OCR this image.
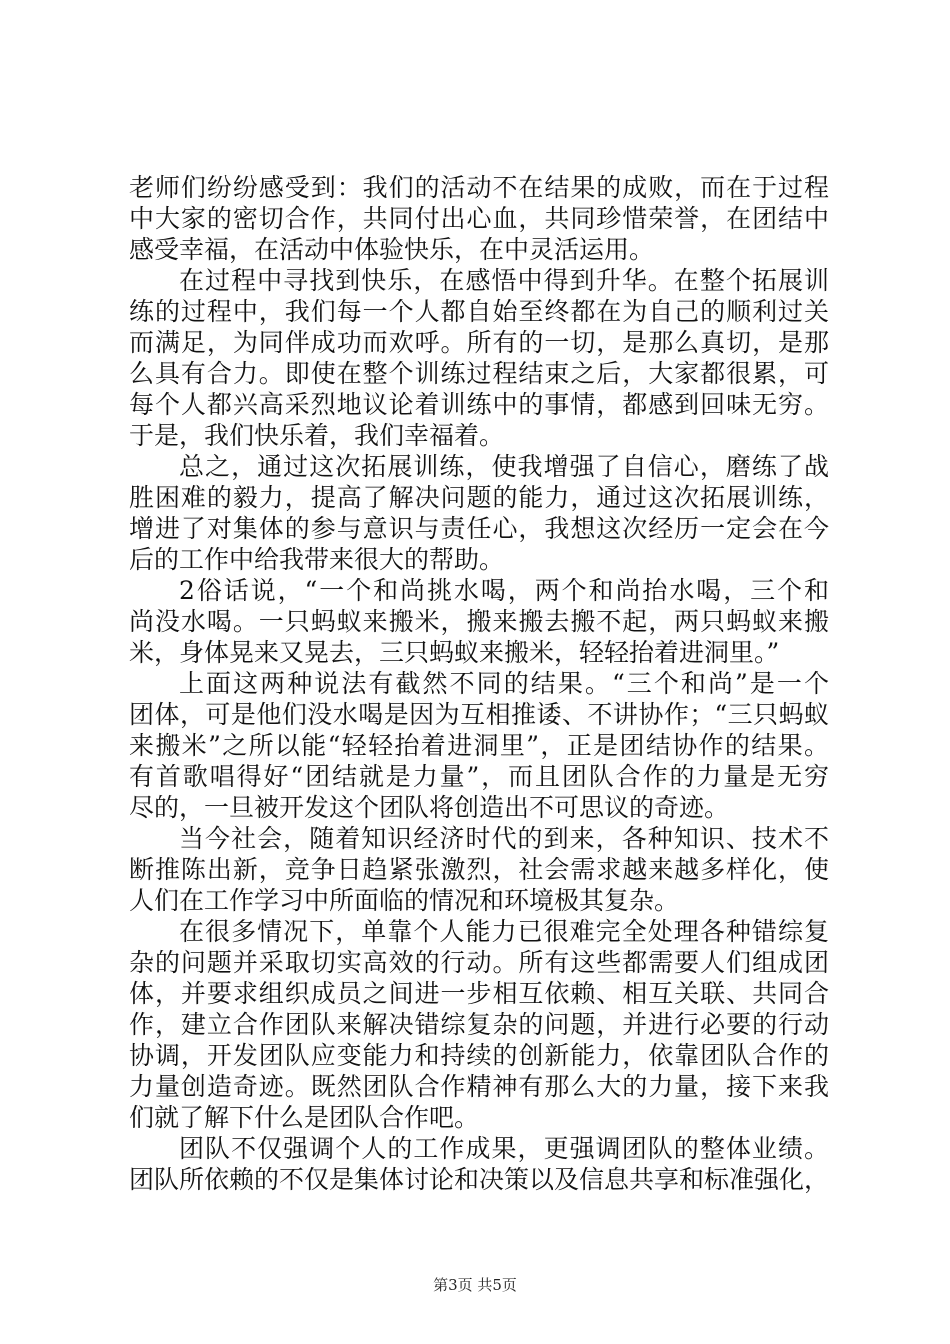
老师们纷纷感受到：我们的活动不在结果的成败，而在于过程
中大家的密切合作，共同付出心血，共同珍惜荣誉，在团结中
感受幸福，在活动中体验快乐，在中灵活运用。
在过程中寻找到快乐，在感悟中得到升华。在整个拓展训
练的过程中，我们每一个人都自始至终都在为自己的顺利过关
而满足，为同伴成功而欢呼。所有的一切，是那么真切，是那
么具有合力。即使在整个训练过程结束之后，大家都很累，可
每个人都兴高采烈地议论着训练中的事情，都感到回味无穷。
于是，我们快乐着，我们幸福着。
总之，通过这次拓展训练，使我增强了自信心，磨练了战
胜困难的毅力，提高了解决问题的能力，通过这次拓展训练，
增进了对集体的参与意识与责任心，我想这次经历一定会在今
后的工作中给我带来很大的帮助。
2俗话说，“一个和尚挑水喝，两个和尚抬水喝，三个和
尚没水喝。一只蚂蚁来搬米，搬来搬去搬不起，两只蚂蚁来搬
米，身体晃来又晃去，三只蚂蚁来搬米，轻轻抬着进洞里。”
上面这两种说法有截然不同的结果。“三个和尚”是一个
团体，可是他们没水喝是因为互相推诿、不讲协作；“三只蚂蚁
来搬米”之所以能“轻轻抬着进洞里”，正是团结协作的结果。
有首歌唱得好“团结就是力量”，而且团队合作的力量是无穷
尽的，一旦被开发这个团队将创造出不可思议的奇迹。
当今社会，随着知识经济时代的到来，各种知识、技术不
断推陈出新，竞争日趋紧张激烈，社会需求越来越多样化，使
人们在工作学习中所面临的情况和环境极其复杂。
在很多情况下，单靠个人能力已很难完全处理各种错综复
杂的问题并采取切实高效的行动。所有这些都需要人们组成团
体，并要求组织成员之间进一步相互依赖、相互关联、共同合
作，建立合作团队来解决错综复杂的问题，并进行必要的行动
协调，开发团队应变能力和持续的创新能力，依靠团队合作的
力量创造奇迹。既然团队合作精神有那么大的力量，接下来我
们就了解下什么是团队合作吧。
团队不仅强调个人的工作成果，更强调团队的整体业绩。
团队所依赖的不仅是集体讨论和决策以及信息共享和标准强化，
第3页 共5页
